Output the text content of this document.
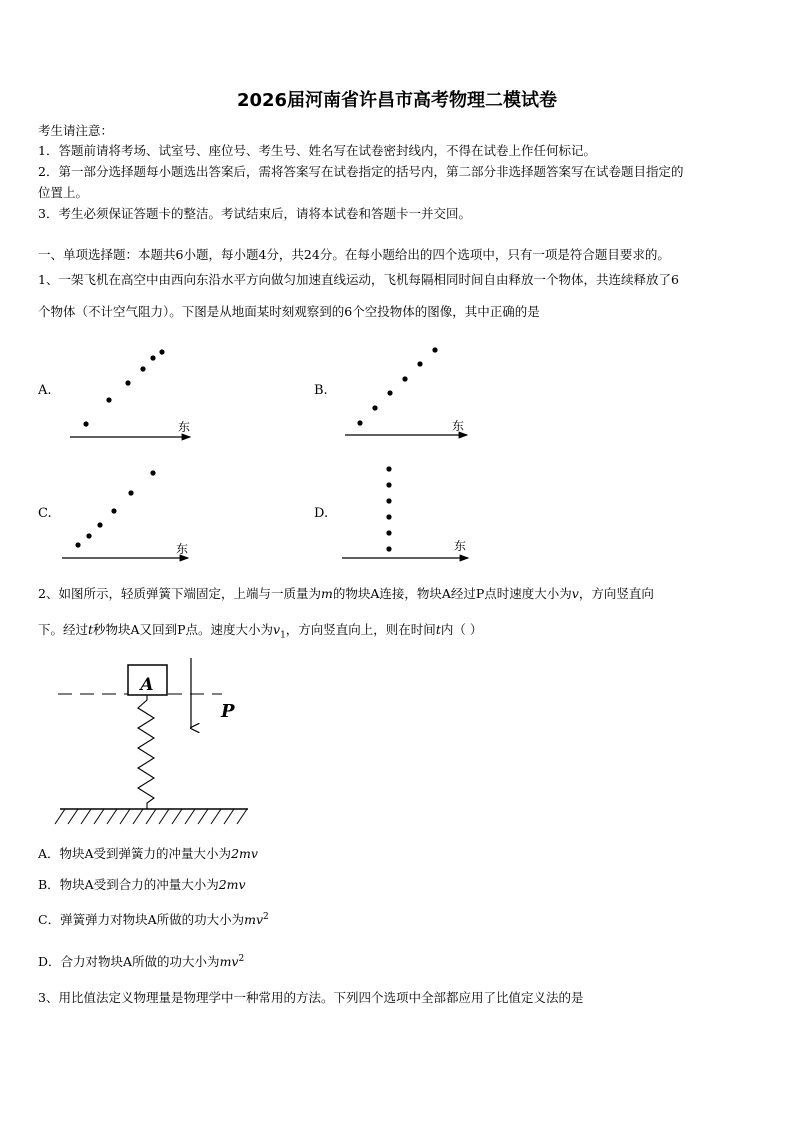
2026届河南省许昌市高考物理二模试卷
考生请注意：
1．答题前请将考场、试室号、座位号、考生号、姓名写在试卷密封线内，不得在试卷上作任何标记。
2．第一部分选择题每小题选出答案后，需将答案写在试卷指定的括号内，第二部分非选择题答案写在试卷题目指定的
位置上。
3．考生必须保证答题卡的整洁。考试结束后，请将本试卷和答题卡一并交回。
一、单项选择题：本题共6小题，每小题4分，共24分。在每小题给出的四个选项中，只有一项是符合题目要求的。
1、一架飞机在高空中由西向东沿水平方向做匀加速直线运动，飞机每隔相同时间自由释放一个物体，共连续释放了6
个物体（不计空气阻力）。下图是从地面某时刻观察到的6个空投物体的图像，其中正确的是
A.
东
B.
东
C.
东
D.
东
2、如图所示，轻质弹簧下端固定，上端与一质量为m的物块A连接，物块A经过P点时速度大小为v，方向竖直向
下。经过t秒物块A又回到P点。速度大小为$v_1$，方向竖直向上，则在时间t内（ ）
A
P
A．物块A受到弹簧力的冲量大小为2mv
B．物块A受到合力的冲量大小为2mv
C．弹簧弹力对物块A所做的功大小为$mv^2$
D．合力对物块A所做的功大小为$mv^2$
3、用比值法定义物理量是物理学中一种常用的方法。下列四个选项中全部都应用了比值定义法的是
